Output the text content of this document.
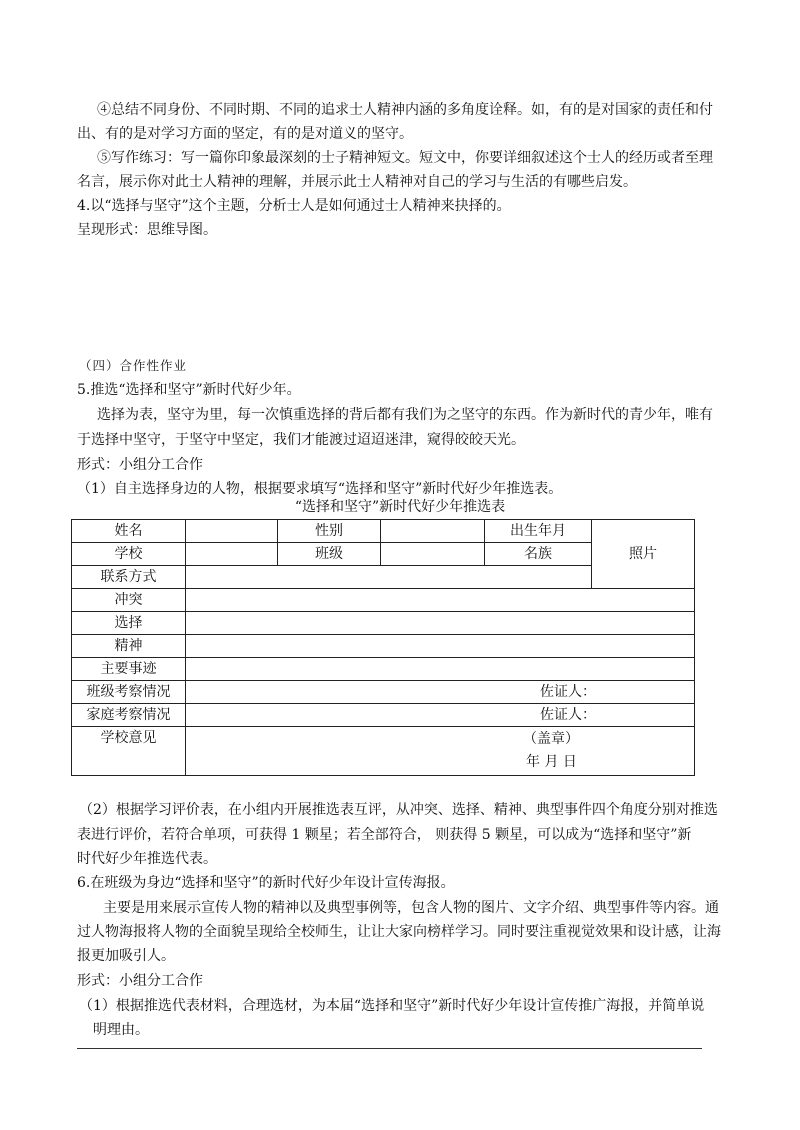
④总结不同身份、不同时期、不同的追求士人精神内涵的多角度诠释。如，有的是对国家的责任和付
出、有的是对学习方面的坚定，有的是对道义的坚守。
⑤写作练习：写一篇你印象最深刻的士子精神短文。短文中，你要详细叙述这个士人的经历或者至理
名言，展示你对此士人精神的理解，并展示此士人精神对自己的学习与生活的有哪些启发。
4.以“选择与坚守”这个主题，分析士人是如何通过士人精神来抉择的。
呈现形式：思维导图。
（四）合作性作业
5.推选“选择和坚守”新时代好少年。
选择为表，坚守为里，每一次慎重选择的背后都有我们为之坚守的东西。作为新时代的青少年，唯有
于选择中坚守，于坚守中坚定，我们才能渡过迢迢迷津，窥得皎皎天光。
形式：小组分工合作
（1）自主选择身边的人物，根据要求填写“选择和坚守”新时代好少年推选表。
“选择和坚守”新时代好少年推选表
姓名		性别		出生年月	照片
学校		班级		名族	
联系方式					
冲突					
选择					
精神					
主要事迹					
班级考察情况	佐证人：				

家庭考察情况	佐证人：				

学校意见	（盖章）
年 月 日				
（2）根据学习评价表，在小组内开展推选表互评，从冲突、选择、精神、典型事件四个角度分别对推选
表进行评价，若符合单项，可获得 1 颗星；若全部符合， 则获得 5 颗星，可以成为“选择和坚守”新
时代好少年推选代表。
6.在班级为身边“选择和坚守”的新时代好少年设计宣传海报。
主要是用来展示宣传人物的精神以及典型事例等，包含人物的图片、文字介绍、典型事件等内容。通
过人物海报将人物的全面貌呈现给全校师生，让让大家向榜样学习。同时要注重视觉效果和设计感，让海
报更加吸引人。
形式：小组分工合作
（1）根据推选代表材料，合理选材，为本届“选择和坚守”新时代好少年设计宣传推广海报，并简单说
明理由。
